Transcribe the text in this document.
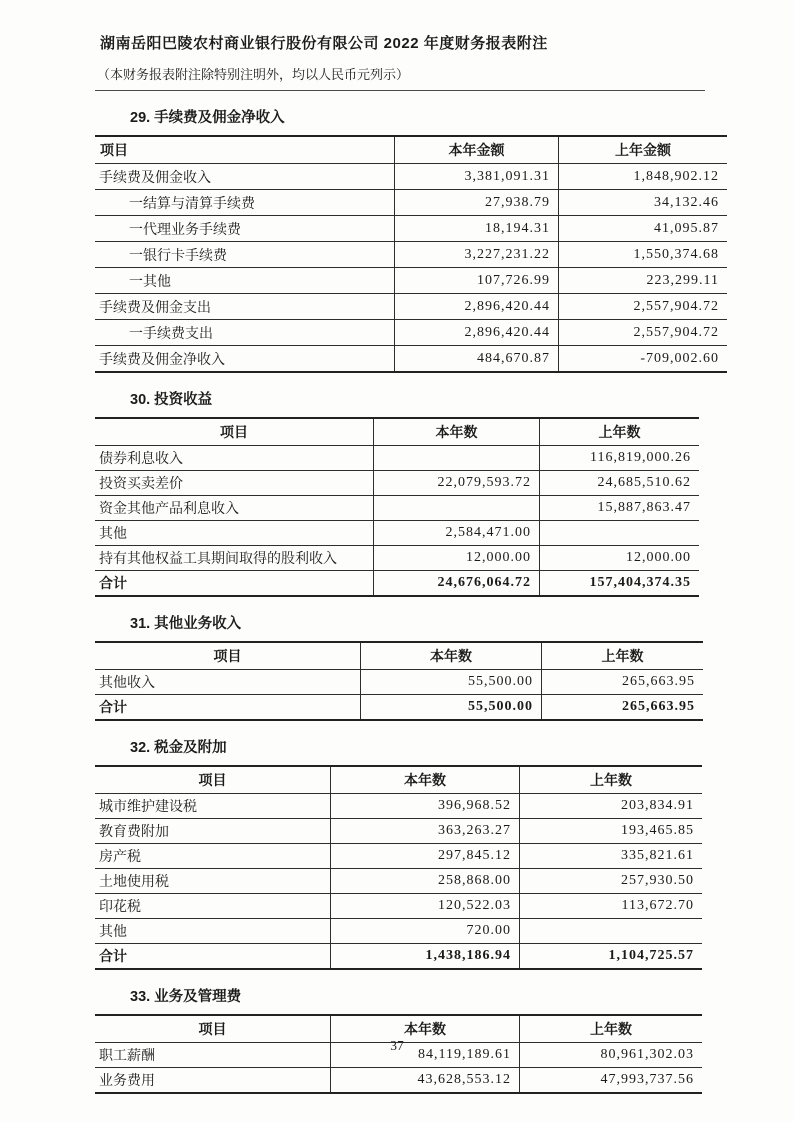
湖南岳阳巴陵农村商业银行股份有限公司 2022 年度财务报表附注
（本财务报表附注除特别注明外，均以人民币元列示）
29. 手续费及佣金净收入
项目	本年金额	上年金额
手续费及佣金收入	3,381,091.31	1,848,902.12
一结算与清算手续费	27,938.79	34,132.46
一代理业务手续费	18,194.31	41,095.87
一银行卡手续费	3,227,231.22	1,550,374.68
一其他	107,726.99	223,299.11
手续费及佣金支出	2,896,420.44	2,557,904.72
一手续费支出	2,896,420.44	2,557,904.72
手续费及佣金净收入	484,670.87	-709,002.60
30. 投资收益
项目	本年数	上年数
债券利息收入		116,819,000.26
投资买卖差价	22,079,593.72	24,685,510.62
资金其他产品利息收入		15,887,863.47
其他	2,584,471.00	
持有其他权益工具期间取得的股利收入	12,000.00	12,000.00
合计	24,676,064.72	157,404,374.35
31. 其他业务收入
项目	本年数	上年数
其他收入	55,500.00	265,663.95
合计	55,500.00	265,663.95
32. 税金及附加
项目	本年数	上年数
城市维护建设税	396,968.52	203,834.91
教育费附加	363,263.27	193,465.85
房产税	297,845.12	335,821.61
土地使用税	258,868.00	257,930.50
印花税	120,522.03	113,672.70
其他	720.00	
合计	1,438,186.94	1,104,725.57
33. 业务及管理费
项目	本年数	上年数
职工薪酬	84,119,189.61	80,961,302.03
业务费用	43,628,553.12	47,993,737.56
37
